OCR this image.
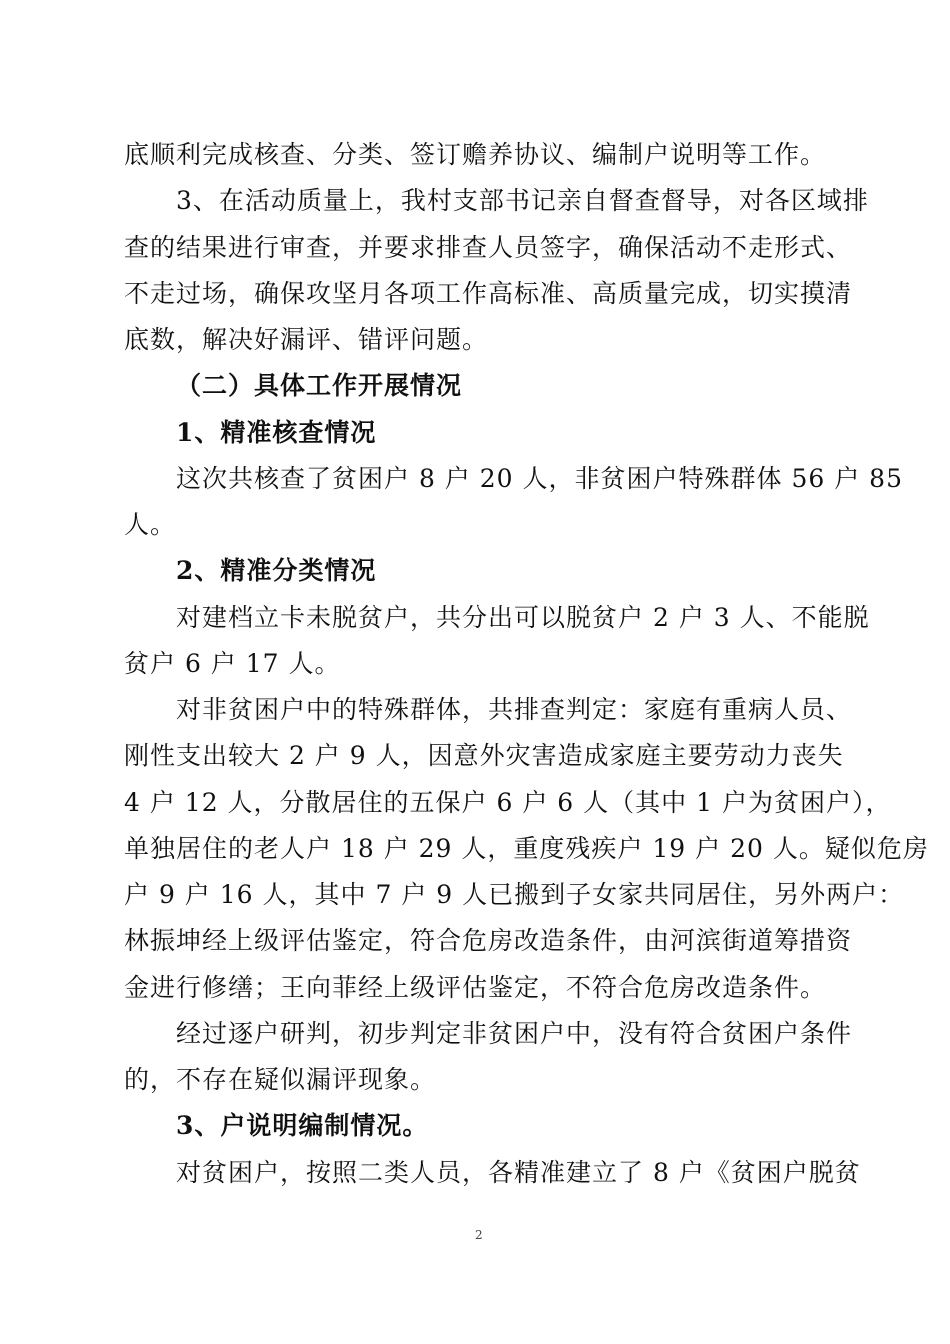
底顺利完成核查、分类、签订赡养协议、编制户说明等工作。
3、在活动质量上，我村支部书记亲自督查督导，对各区域排
查的结果进行审查，并要求排查人员签字，确保活动不走形式、
不走过场，确保攻坚月各项工作高标准、高质量完成，切实摸清
底数，解决好漏评、错评问题。
（二）具体工作开展情况
1、精准核查情况
这次共核查了贫困户 8 户 20 人，非贫困户特殊群体 56 户 85
人。
2、精准分类情况
对建档立卡未脱贫户，共分出可以脱贫户 2 户 3 人、不能脱
贫户 6 户 17 人。
对非贫困户中的特殊群体，共排查判定：家庭有重病人员、
刚性支出较大 2 户 9 人，因意外灾害造成家庭主要劳动力丧失
4 户 12 人，分散居住的五保户 6 户 6 人（其中 1 户为贫困户），
单独居住的老人户 18 户 29 人，重度残疾户 19 户 20 人。疑似危房
户 9 户 16 人，其中 7 户 9 人已搬到子女家共同居住，另外两户：
林振坤经上级评估鉴定，符合危房改造条件，由河滨街道筹措资
金进行修缮；王向菲经上级评估鉴定，不符合危房改造条件。
经过逐户研判，初步判定非贫困户中，没有符合贫困户条件
的，不存在疑似漏评现象。
3、户说明编制情况。
对贫困户，按照二类人员，各精准建立了 8 户《贫困户脱贫
2
